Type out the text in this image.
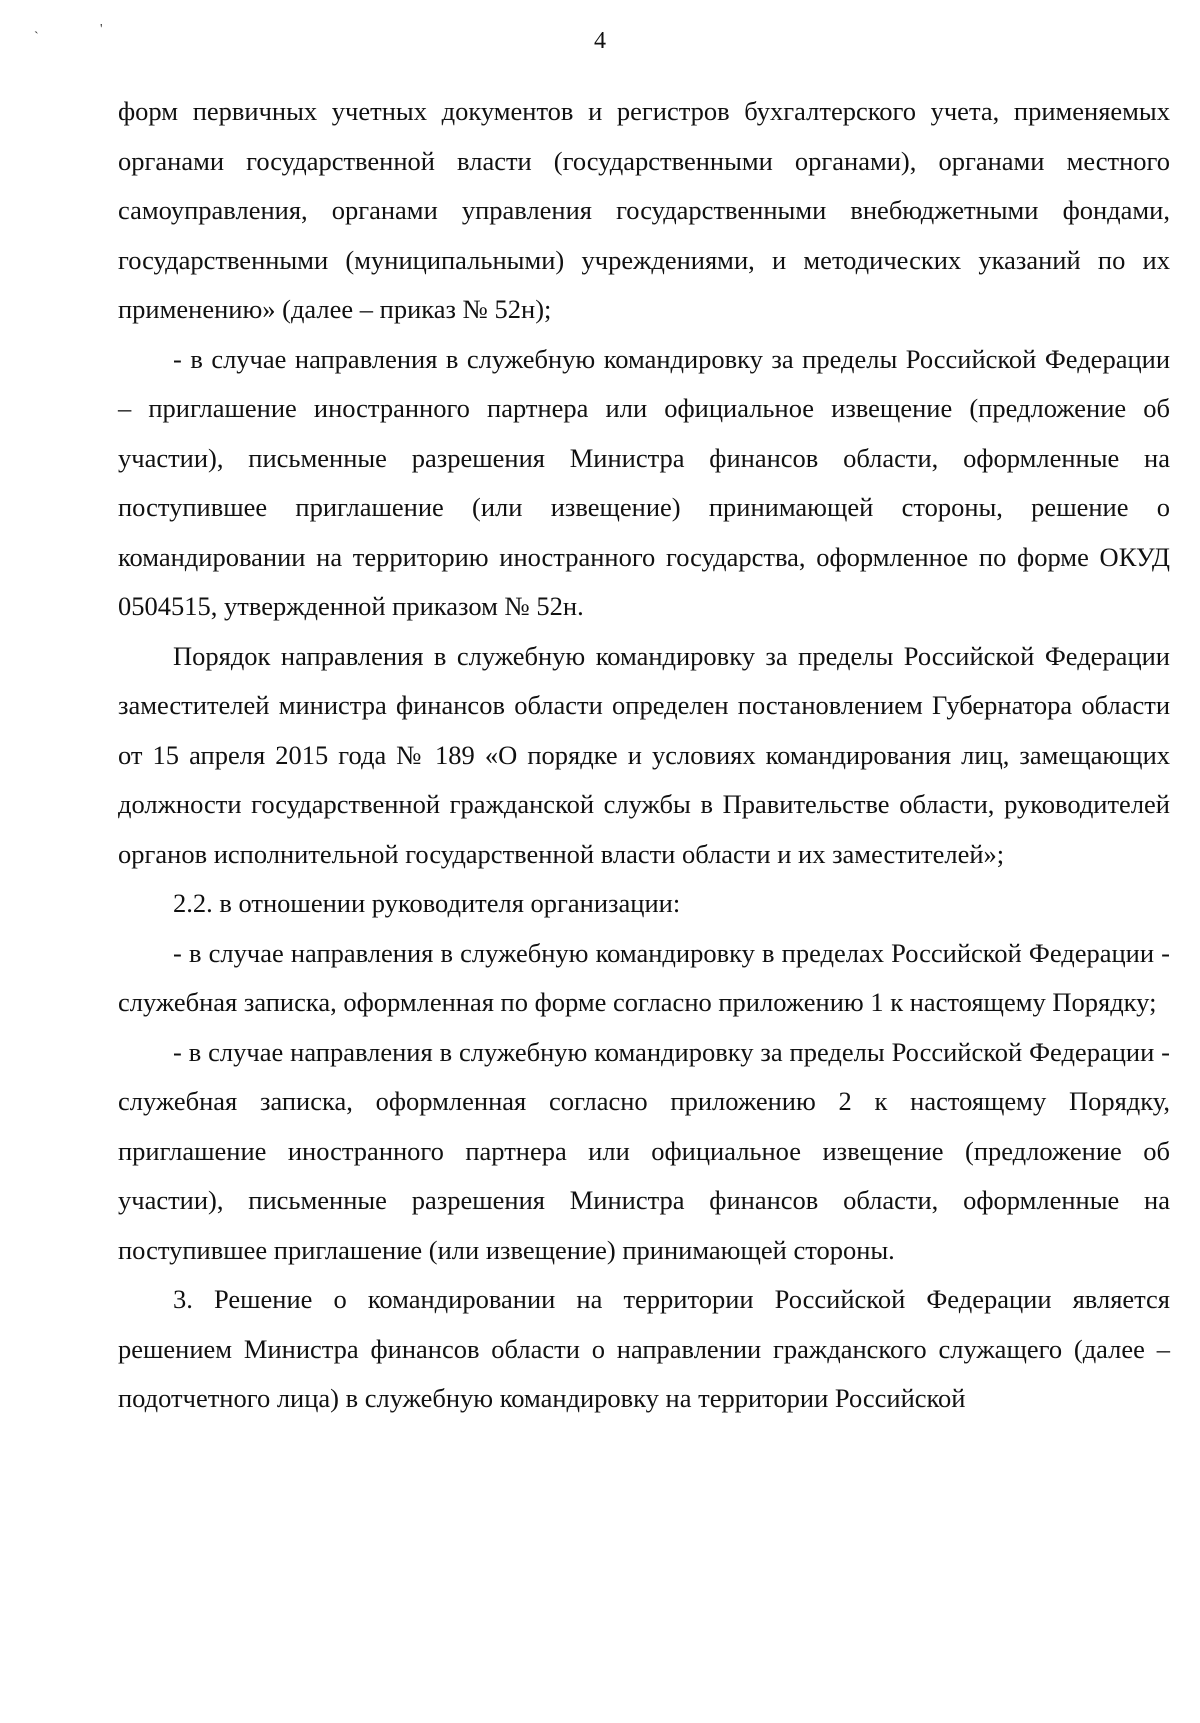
`
'	4

форм первичных учетных документов и регистров бухгалтерского учета, применяемых органами государственной власти (государственными органами), органами местного самоуправления, органами управления государственными внебюджетными фондами, государственными (муниципальными) учреждениями, и методических указаний по их применению» (далее – приказ № 52н);

- в случае направления в служебную командировку за пределы Российской Федерации – приглашение иностранного партнера или официальное извещение (предложение об участии), письменные разрешения Министра финансов области, оформленные на поступившее приглашение (или извещение) принимающей стороны, решение о командировании на территорию иностранного государства, оформленное по форме ОКУД 0504515, утвержденной приказом № 52н.

Порядок направления в служебную командировку за пределы Российской Федерации заместителей министра финансов области определен постановлением Губернатора области от 15 апреля 2015 года № 189 «О порядке и условиях командирования лиц, замещающих должности государственной гражданской службы в Правительстве области, руководителей органов исполнительной государственной власти области и их заместителей»;

2.2. в отношении руководителя организации:

- в случае направления в служебную командировку в пределах Российской Федерации - служебная записка, оформленная по форме согласно приложению 1 к настоящему Порядку;

- в случае направления в служебную командировку за пределы Российской Федерации - служебная записка, оформленная согласно приложению 2 к настоящему Порядку, приглашение иностранного партнера или официальное извещение (предложение об участии), письменные разрешения Министра финансов области, оформленные на поступившее приглашение (или извещение) принимающей стороны.

3. Решение о командировании на территории Российской Федерации является решением Министра финансов области о направлении гражданского служащего (далее – подотчетного лица) в служебную командировку на территории Российской
